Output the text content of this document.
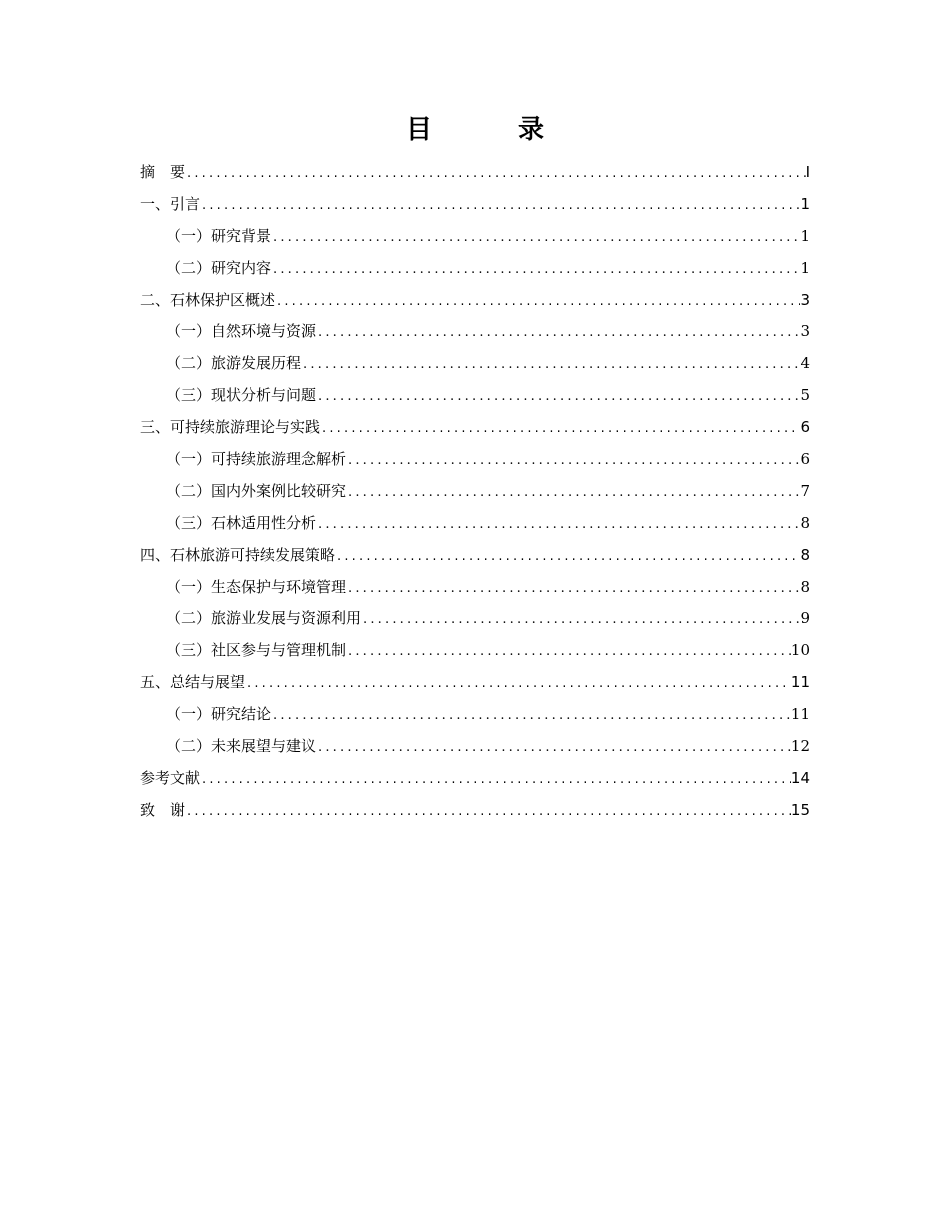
目　录
摘　要 .....	I
一、引言 .....	1
（一）研究背景 .....	1
（二）研究内容 .....	1
二、石林保护区概述 .....	3
（一）自然环境与资源 .....	3
（二）旅游发展历程 .....	4
（三）现状分析与问题 .....	5
三、可持续旅游理论与实践 .....	6
（一）可持续旅游理念解析 .....	6
（二）国内外案例比较研究 .....	7
（三）石林适用性分析 .....	8
四、石林旅游可持续发展策略 .....	8
（一）生态保护与环境管理 .....	8
（二）旅游业发展与资源利用 .....	9
（三）社区参与与管理机制 .....	10
五、总结与展望 .....	11
（一）研究结论 .....	11
（二）未来展望与建议 .....	12
参考文献 .....	14
致　谢 .....	15
